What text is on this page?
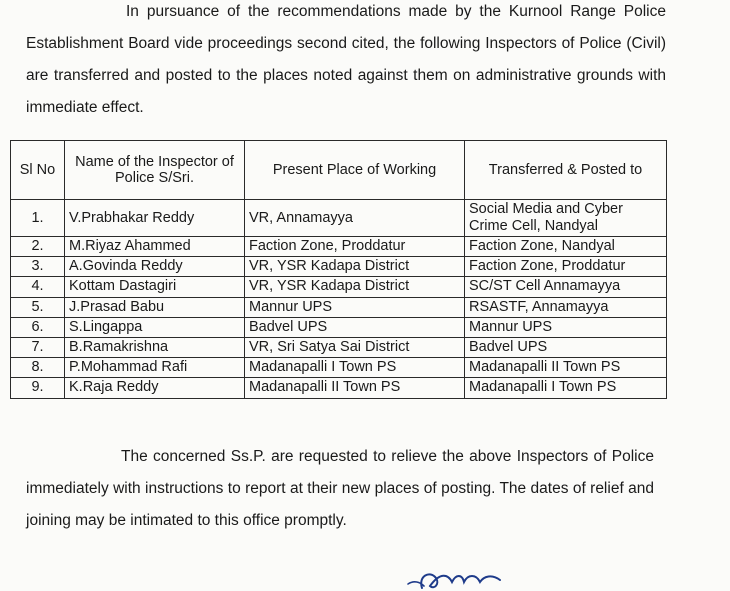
In pursuance of the recommendations made by the Kurnool Range Police Establishment Board vide proceedings second cited, the following Inspectors of Police (Civil) are transferred and posted to the places noted against them on administrative grounds with immediate effect.

Sl No	Name of the Inspector of Police S/Sri.	Present Place of Working	Transferred & Posted to
1.	V.Prabhakar Reddy	VR, Annamayya	Social Media and Cyber Crime Cell, Nandyal
2.	M.Riyaz Ahammed	Faction Zone, Proddatur	Faction Zone, Nandyal
3.	A.Govinda Reddy	VR, YSR Kadapa District	Faction Zone, Proddatur
4.	Kottam Dastagiri	VR, YSR Kadapa District	SC/ST Cell Annamayya
5.	J.Prasad Babu	Mannur UPS	RSASTF, Annamayya
6.	S.Lingappa	Badvel UPS	Mannur UPS
7.	B.Ramakrishna	VR, Sri Satya Sai District	Badvel UPS
8.	P.Mohammad Rafi	Madanapalli I Town PS	Madanapalli II Town PS
9.	K.Raja Reddy	Madanapalli II Town PS	Madanapalli I Town PS

The concerned Ss.P. are requested to relieve the above Inspectors of Police immediately with instructions to report at their new places of posting. The dates of relief and joining may be intimated to this office promptly.
